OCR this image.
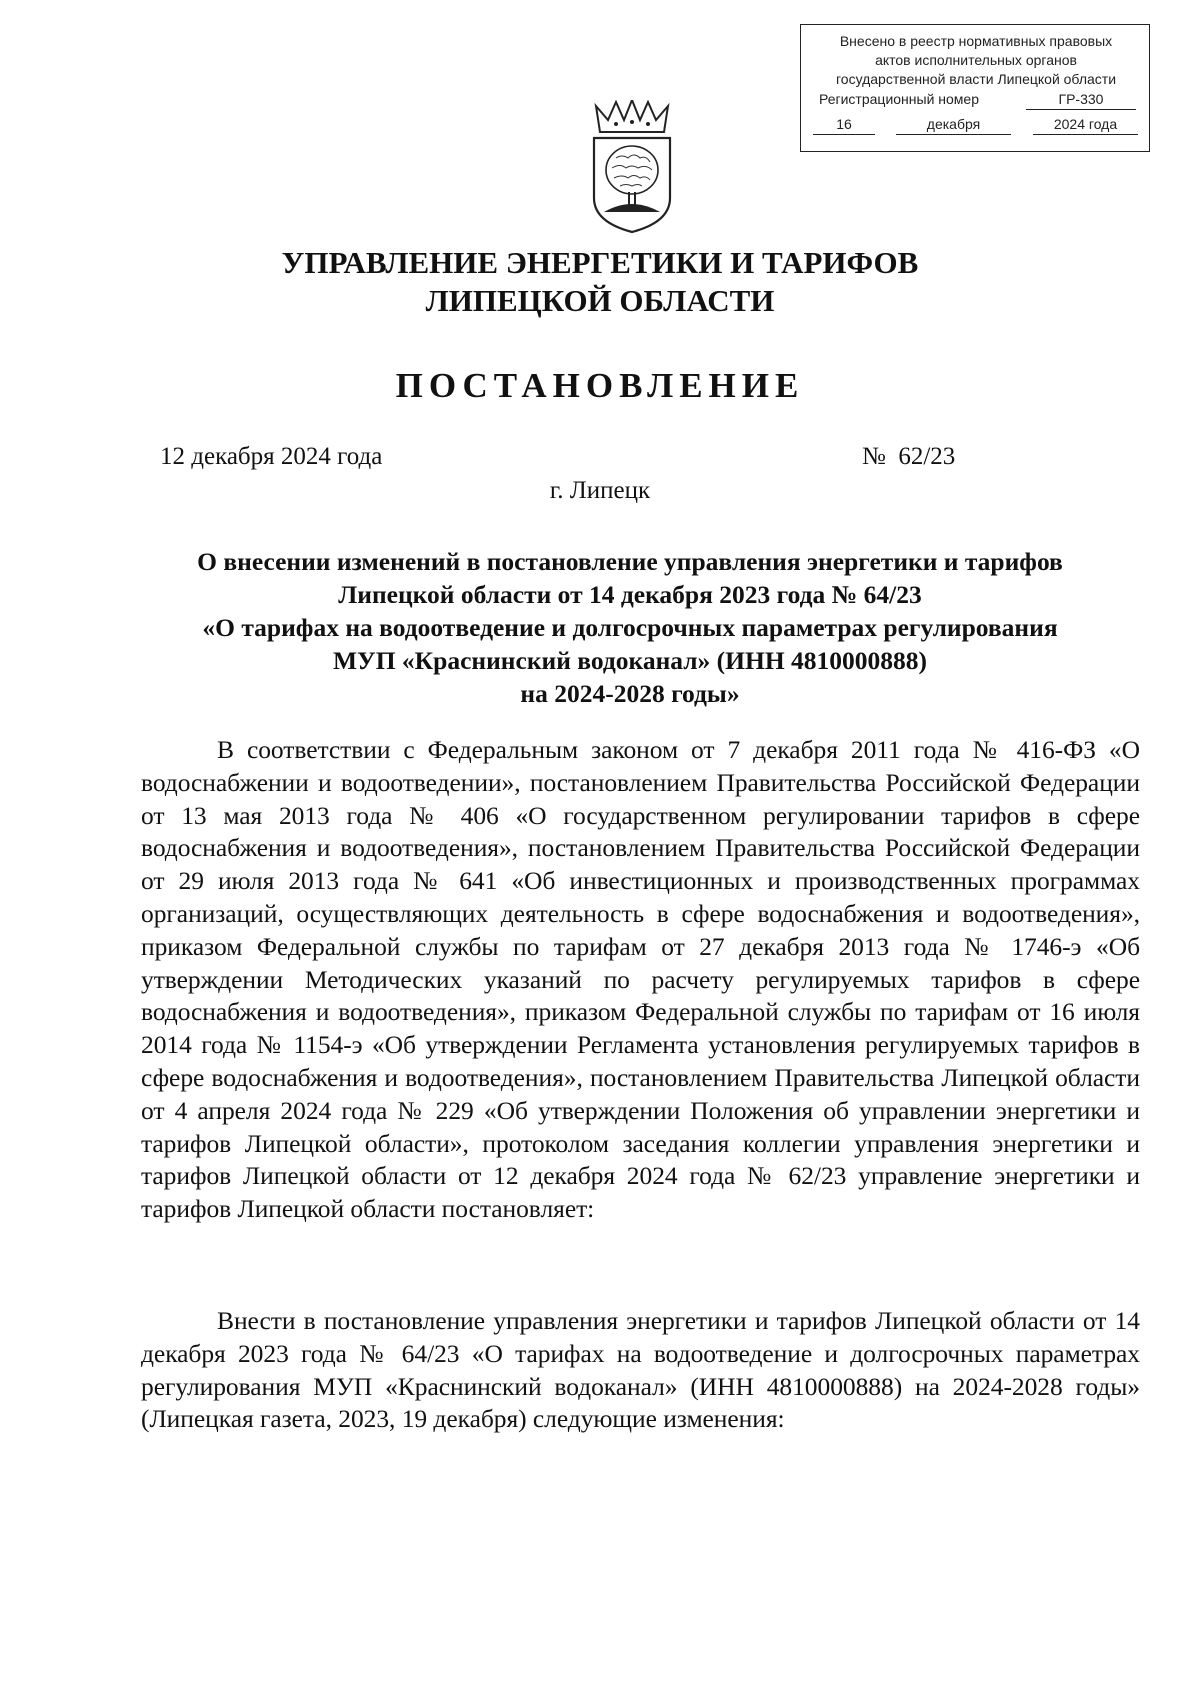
Внесено в реестр нормативных правовых
актов исполнительных органов
государственной власти Липецкой области
Регистрационный номер	ГР-330
16	декабря	2024 года
УПРАВЛЕНИЕ ЭНЕРГЕТИКИ И ТАРИФОВ
ЛИПЕЦКОЙ ОБЛАСТИ
ПОСТАНОВЛЕНИЕ
12 декабря 2024 года	№ 62/23
г. Липецк
О внесении изменений в постановление управления энергетики и тарифов
Липецкой области от 14 декабря 2023 года № 64/23
«О тарифах на водоотведение и долгосрочных параметрах регулирования
МУП «Краснинский водоканал» (ИНН 4810000888)
на 2024-2028 годы»

В соответствии с Федеральным законом от 7 декабря 2011 года № 416-ФЗ «О водоснабжении и водоотведении», постановлением Правительства Российской Федерации от 13 мая 2013 года № 406 «О государственном регулировании тарифов в сфере водоснабжения и водоотведения», постановлением Правительства Российской Федерации от 29 июля 2013 года № 641 «Об инвестиционных и производственных программах организаций, осуществляющих деятельность в сфере водоснабжения и водоотведения», приказом Федеральной службы по тарифам от 27 декабря 2013 года № 1746-э «Об утверждении Методических указаний по расчету регулируемых тарифов в сфере водоснабжения и водоотведения», приказом Федеральной службы по тарифам от 16 июля 2014 года № 1154-э «Об утверждении Регламента установления регулируемых тарифов в сфере водоснабжения и водоотведения», постановлением Правительства Липецкой области от 4 апреля 2024 года № 229 «Об утверждении Положения об управлении энергетики и тарифов Липецкой области», протоколом заседания коллегии управления энергетики и тарифов Липецкой области от 12 декабря 2024 года № 62/23 управление энергетики и тарифов Липецкой области постановляет:

Внести в постановление управления энергетики и тарифов Липецкой области от 14 декабря 2023 года № 64/23 «О тарифах на водоотведение и долгосрочных параметрах регулирования МУП «Краснинский водоканал» (ИНН 4810000888) на 2024-2028 годы» (Липецкая газета, 2023, 19 декабря) следующие изменения:
